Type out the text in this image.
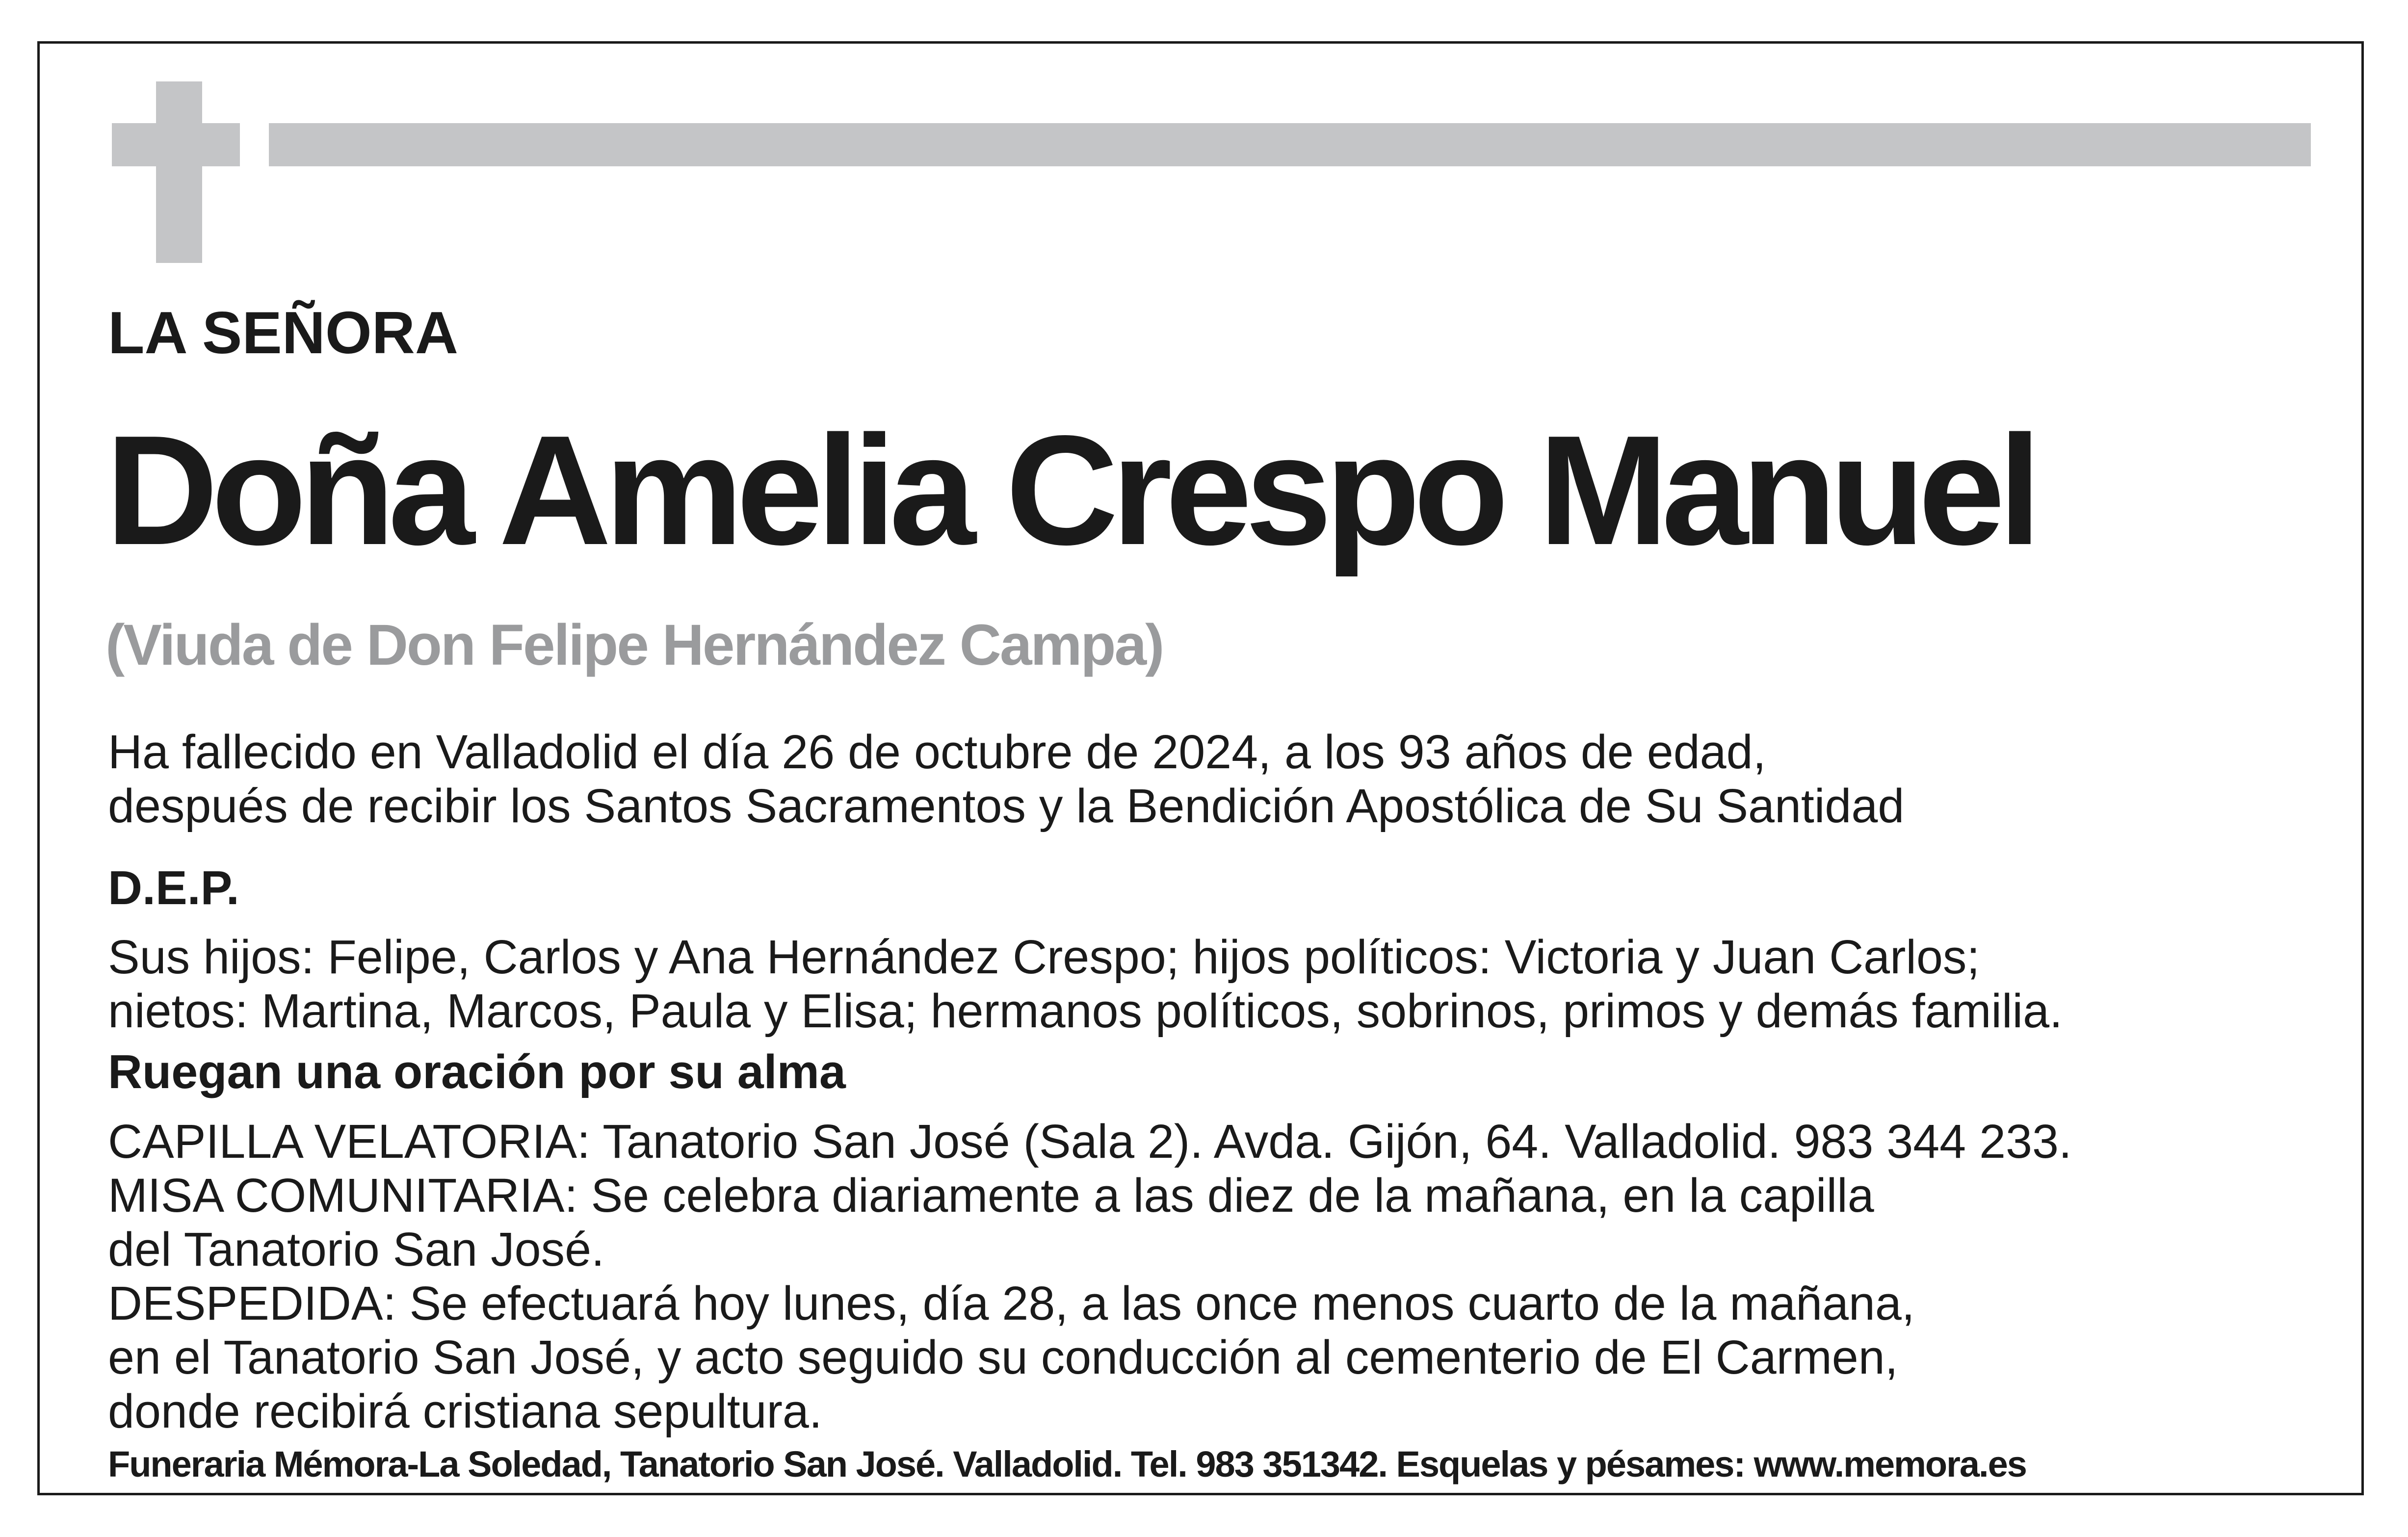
LA SEÑORA
Doña Amelia Crespo Manuel
(Viuda de Don Felipe Hernández Campa)
Ha fallecido en Valladolid el día 26 de octubre de 2024, a los 93 años de edad,
después de recibir los Santos Sacramentos y la Bendición Apostólica de Su Santidad
D.E.P.
Sus hijos: Felipe, Carlos y Ana Hernández Crespo; hijos políticos: Victoria y Juan Carlos;
nietos: Martina, Marcos, Paula y Elisa; hermanos políticos, sobrinos, primos y demás familia.
Ruegan una oración por su alma
CAPILLA VELATORIA: Tanatorio San José (Sala 2). Avda. Gijón, 64. Valladolid. 983 344 233.
MISA COMUNITARIA: Se celebra diariamente a las diez de la mañana, en la capilla
del Tanatorio San José.
DESPEDIDA: Se efectuará hoy lunes, día 28, a las once menos cuarto de la mañana,
en el Tanatorio San José, y acto seguido su conducción al cementerio de El Carmen,
donde recibirá cristiana sepultura.
Funeraria Mémora-La Soledad, Tanatorio San José. Valladolid. Tel. 983 351342. Esquelas y pésames: www.memora.es
